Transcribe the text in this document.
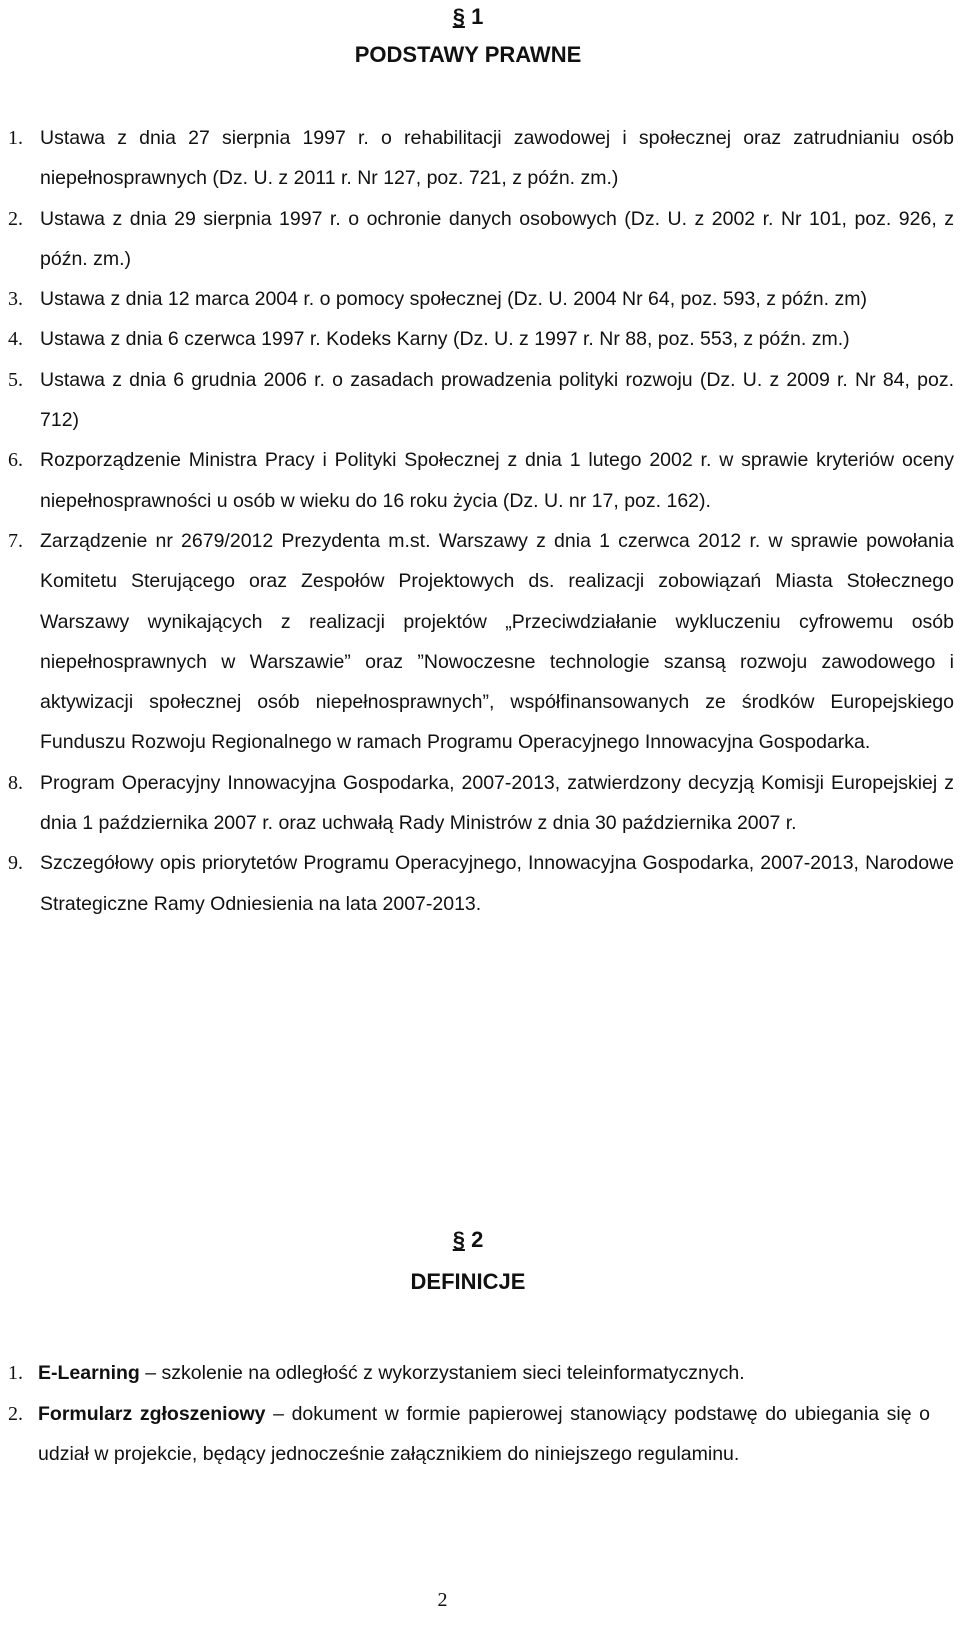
§ 1
PODSTAWY PRAWNE
1. Ustawa z dnia 27 sierpnia 1997 r. o rehabilitacji zawodowej i społecznej oraz zatrudnianiu osób niepełnosprawnych (Dz. U. z 2011 r. Nr 127, poz. 721, z późn. zm.)
2. Ustawa z dnia 29 sierpnia 1997 r. o ochronie danych osobowych (Dz. U. z 2002 r. Nr 101, poz. 926, z późn. zm.)
3. Ustawa z dnia 12 marca 2004 r. o pomocy społecznej (Dz. U. 2004 Nr 64, poz. 593, z późn. zm)
4. Ustawa z dnia 6 czerwca 1997 r. Kodeks Karny (Dz. U. z 1997 r. Nr 88, poz. 553, z późn. zm.)
5. Ustawa z dnia 6 grudnia 2006 r. o zasadach prowadzenia polityki rozwoju (Dz. U. z 2009 r. Nr 84, poz. 712)
6. Rozporządzenie Ministra Pracy i Polityki Społecznej z dnia 1 lutego 2002 r. w sprawie kryteriów oceny niepełnosprawności u osób w wieku do 16 roku życia (Dz. U. nr 17, poz. 162).
7. Zarządzenie nr 2679/2012 Prezydenta m.st. Warszawy z dnia 1 czerwca 2012 r. w sprawie powołania Komitetu Sterującego oraz Zespołów Projektowych ds. realizacji zobowiązań Miasta Stołecznego Warszawy wynikających z realizacji projektów „Przeciwdziałanie wykluczeniu cyfrowemu osób niepełnosprawnych w Warszawie” oraz ”Nowoczesne technologie szansą rozwoju zawodowego i aktywizacji społecznej osób niepełnosprawnych”, współfinansowanych ze środków Europejskiego Funduszu Rozwoju Regionalnego w ramach Programu Operacyjnego Innowacyjna Gospodarka.
8. Program Operacyjny Innowacyjna Gospodarka, 2007-2013, zatwierdzony decyzją Komisji Europejskiej z dnia 1 października 2007 r. oraz uchwałą Rady Ministrów z dnia 30 października 2007 r.
9. Szczegółowy opis priorytetów Programu Operacyjnego, Innowacyjna Gospodarka, 2007-2013, Narodowe Strategiczne Ramy Odniesienia na lata 2007-2013.
§ 2
DEFINICJE
1. E-Learning – szkolenie na odległość z wykorzystaniem sieci teleinformatycznych.
2. Formularz zgłoszeniowy – dokument w formie papierowej stanowiący podstawę do ubiegania się o udział w projekcie, będący jednocześnie załącznikiem do niniejszego regulaminu.
2
